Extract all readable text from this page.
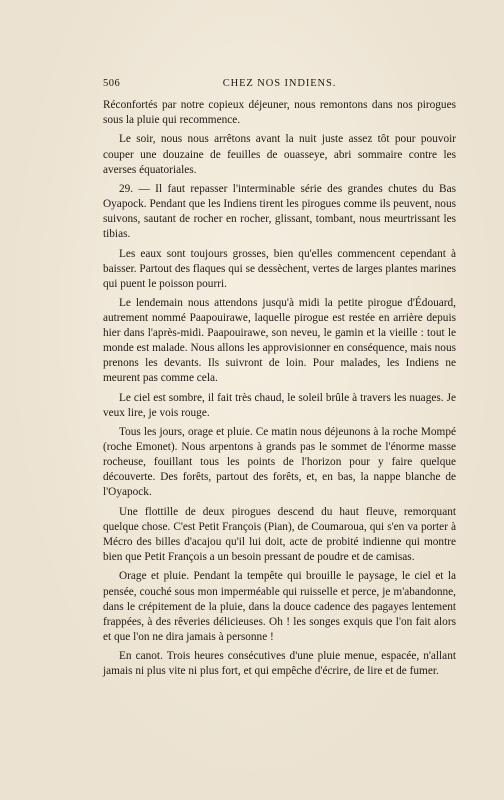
506	CHEZ NOS INDIENS.

Réconfortés par notre copieux déjeuner, nous remontons dans nos pirogues sous la pluie qui recommence.

Le soir, nous nous arrêtons avant la nuit juste assez tôt pour pouvoir couper une douzaine de feuilles de ouasseye, abri sommaire contre les averses équatoriales.

29. — Il faut repasser l'interminable série des grandes chutes du Bas Oyapock. Pendant que les Indiens tirent les pirogues comme ils peuvent, nous suivons, sautant de rocher en rocher, glissant, tombant, nous meurtrissant les tibias.

Les eaux sont toujours grosses, bien qu'elles commencent cependant à baisser. Partout des flaques qui se dessèchent, vertes de larges plantes marines qui puent le poisson pourri.

Le lendemain nous attendons jusqu'à midi la petite pirogue d'Édouard, autrement nommé Paapouirawe, laquelle pirogue est restée en arrière depuis hier dans l'après-midi. Paapouirawe, son neveu, le gamin et la vieille : tout le monde est malade. Nous allons les approvisionner en conséquence, mais nous prenons les devants. Ils suivront de loin. Pour malades, les Indiens ne meurent pas comme cela.

Le ciel est sombre, il fait très chaud, le soleil brûle à travers les nuages. Je veux lire, je vois rouge.

Tous les jours, orage et pluie. Ce matin nous déjeunons à la roche Mompé (roche Emonet). Nous arpentons à grands pas le sommet de l'énorme masse rocheuse, fouillant tous les points de l'horizon pour y faire quelque découverte. Des forêts, partout des forêts, et, en bas, la nappe blanche de l'Oyapock.

Une flottille de deux pirogues descend du haut fleuve, remorquant quelque chose. C'est Petit François (Pian), de Coumaroua, qui s'en va porter à Mécro des billes d'acajou qu'il lui doit, acte de probité indienne qui montre bien que Petit François a un besoin pressant de poudre et de camisas.

Orage et pluie. Pendant la tempête qui brouille le paysage, le ciel et la pensée, couché sous mon imperméable qui ruisselle et perce, je m'abandonne, dans le crépitement de la pluie, dans la douce cadence des pagayes lentement frappées, à des rêveries délicieuses. Oh ! les songes exquis que l'on fait alors et que l'on ne dira jamais à personne !

En canot. Trois heures consécutives d'une pluie menue, espacée, n'allant jamais ni plus vite ni plus fort, et qui empêche d'écrire, de lire et de fumer.
